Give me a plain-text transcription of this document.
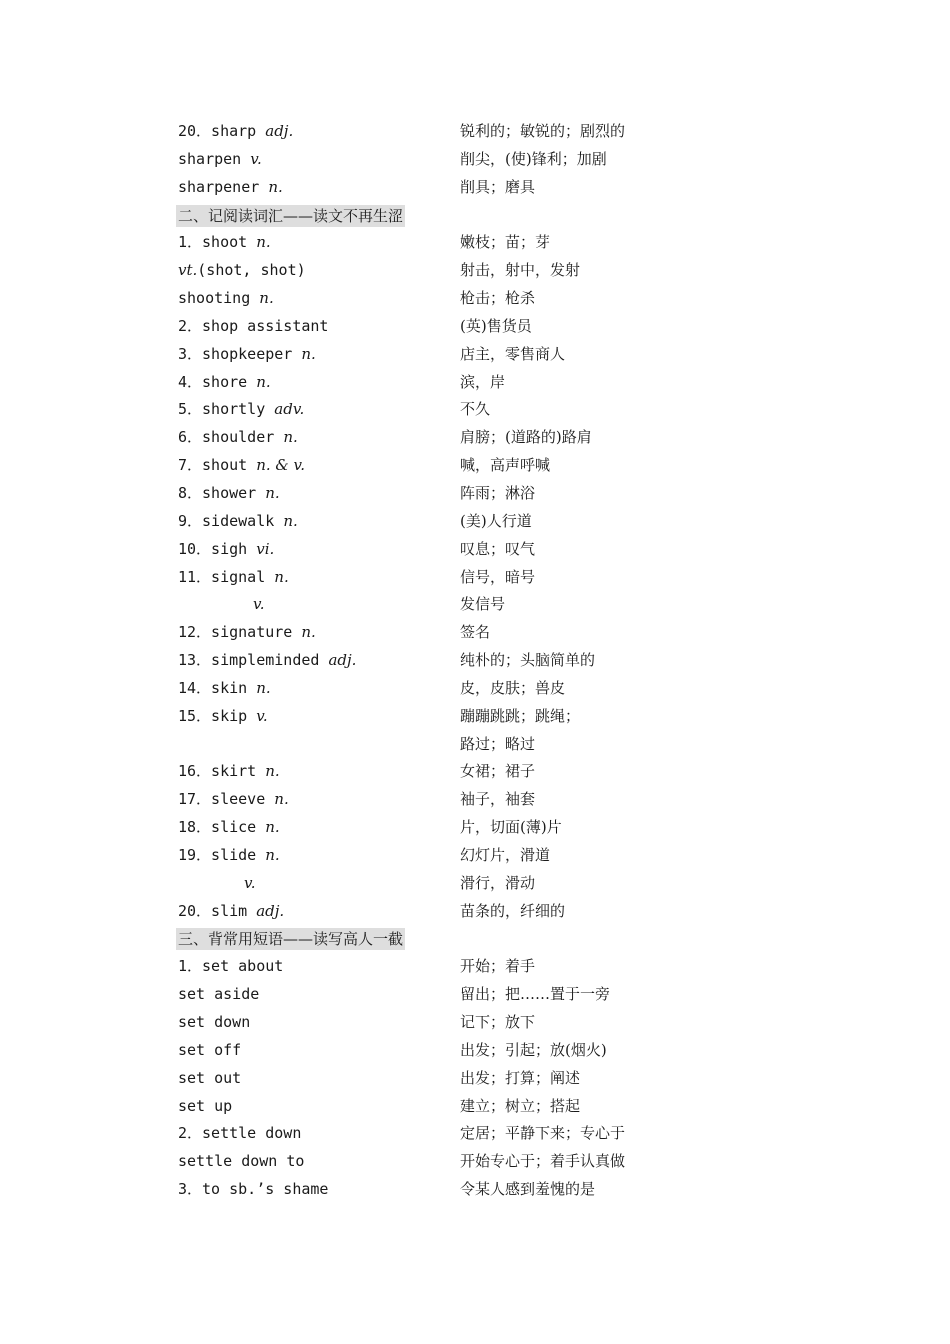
20．sharp adj.	锐利的；敏锐的；剧烈的
sharpen v.	削尖，(使)锋利；加剧
sharpener n.	削具；磨具
二、记阅读词汇——读文不再生涩
1．shoot n.	嫩枝；苗；芽
vt.(shot, shot)	射击，射中，发射
shooting n.	枪击；枪杀
2．shop assistant	(英)售货员
3．shopkeeper n.	店主，零售商人
4．shore n.	滨，岸
5．shortly adv.	不久
6．shoulder n.	肩膀；(道路的)路肩
7．shout n. & v.	喊，高声呼喊
8．shower n.	阵雨；淋浴
9．sidewalk n.	(美)人行道
10．sigh vi.	叹息；叹气
11．signal n.	信号，暗号
v.	发信号
12．signature n.	签名
13．simpleminded adj.	纯朴的；头脑简单的
14．skin n.	皮，皮肤；兽皮
15．skip v.	蹦蹦跳跳；跳绳；
路过；略过
16．skirt n.	女裙；裙子
17．sleeve n.	袖子，袖套
18．slice n.	片，切面(薄)片
19．slide n.	幻灯片，滑道
v.	滑行，滑动
20．slim adj.	苗条的，纤细的
三、背常用短语——读写高人一截
1．set about	开始；着手
set aside	留出；把……置于一旁
set down	记下；放下
set off	出发；引起；放(烟火)
set out	出发；打算；阐述
set up	建立；树立；搭起
2．settle down	定居；平静下来；专心于
settle down to	开始专心于；着手认真做
3．to sb.’s shame	令某人感到羞愧的是
